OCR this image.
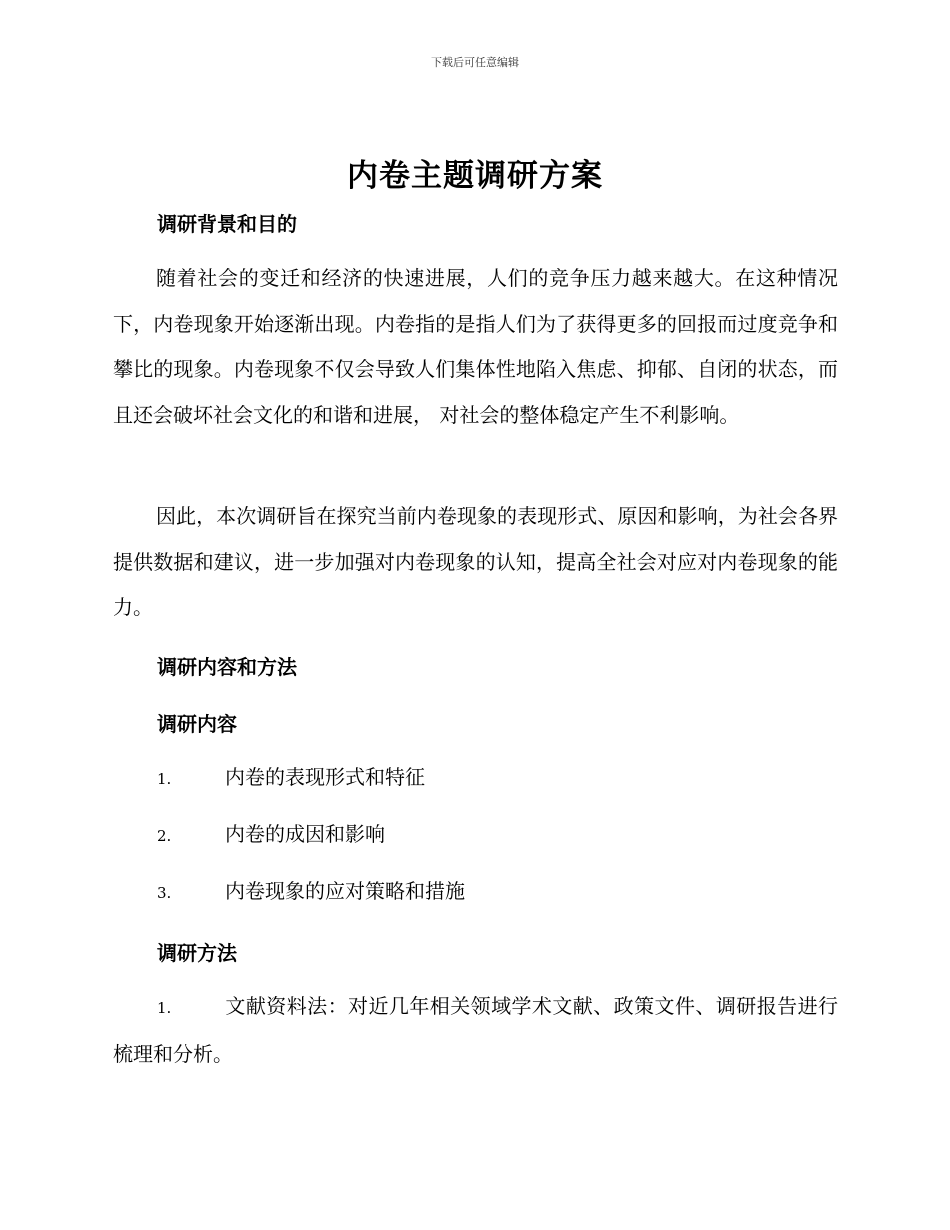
下载后可任意编辑
内卷主题调研方案
调研背景和目的
随着社会的变迁和经济的快速进展，人们的竞争压力越来越大。在这种情况下，内卷现象开始逐渐出现。内卷指的是指人们为了获得更多的回报而过度竞争和攀比的现象。内卷现象不仅会导致人们集体性地陷入焦虑、抑郁、自闭的状态，而且还会破坏社会文化的和谐和进展， 对社会的整体稳定产生不利影响。
因此，本次调研旨在探究当前内卷现象的表现形式、原因和影响，为社会各界提供数据和建议，进一步加强对内卷现象的认知，提高全社会对应对内卷现象的能力。
调研内容和方法
调研内容
1.	内卷的表现形式和特征
2.	内卷的成因和影响
3.	内卷现象的应对策略和措施
调研方法
1.	文献资料法：对近几年相关领域学术文献、政策文件、调研报告进行梳理和分析。
